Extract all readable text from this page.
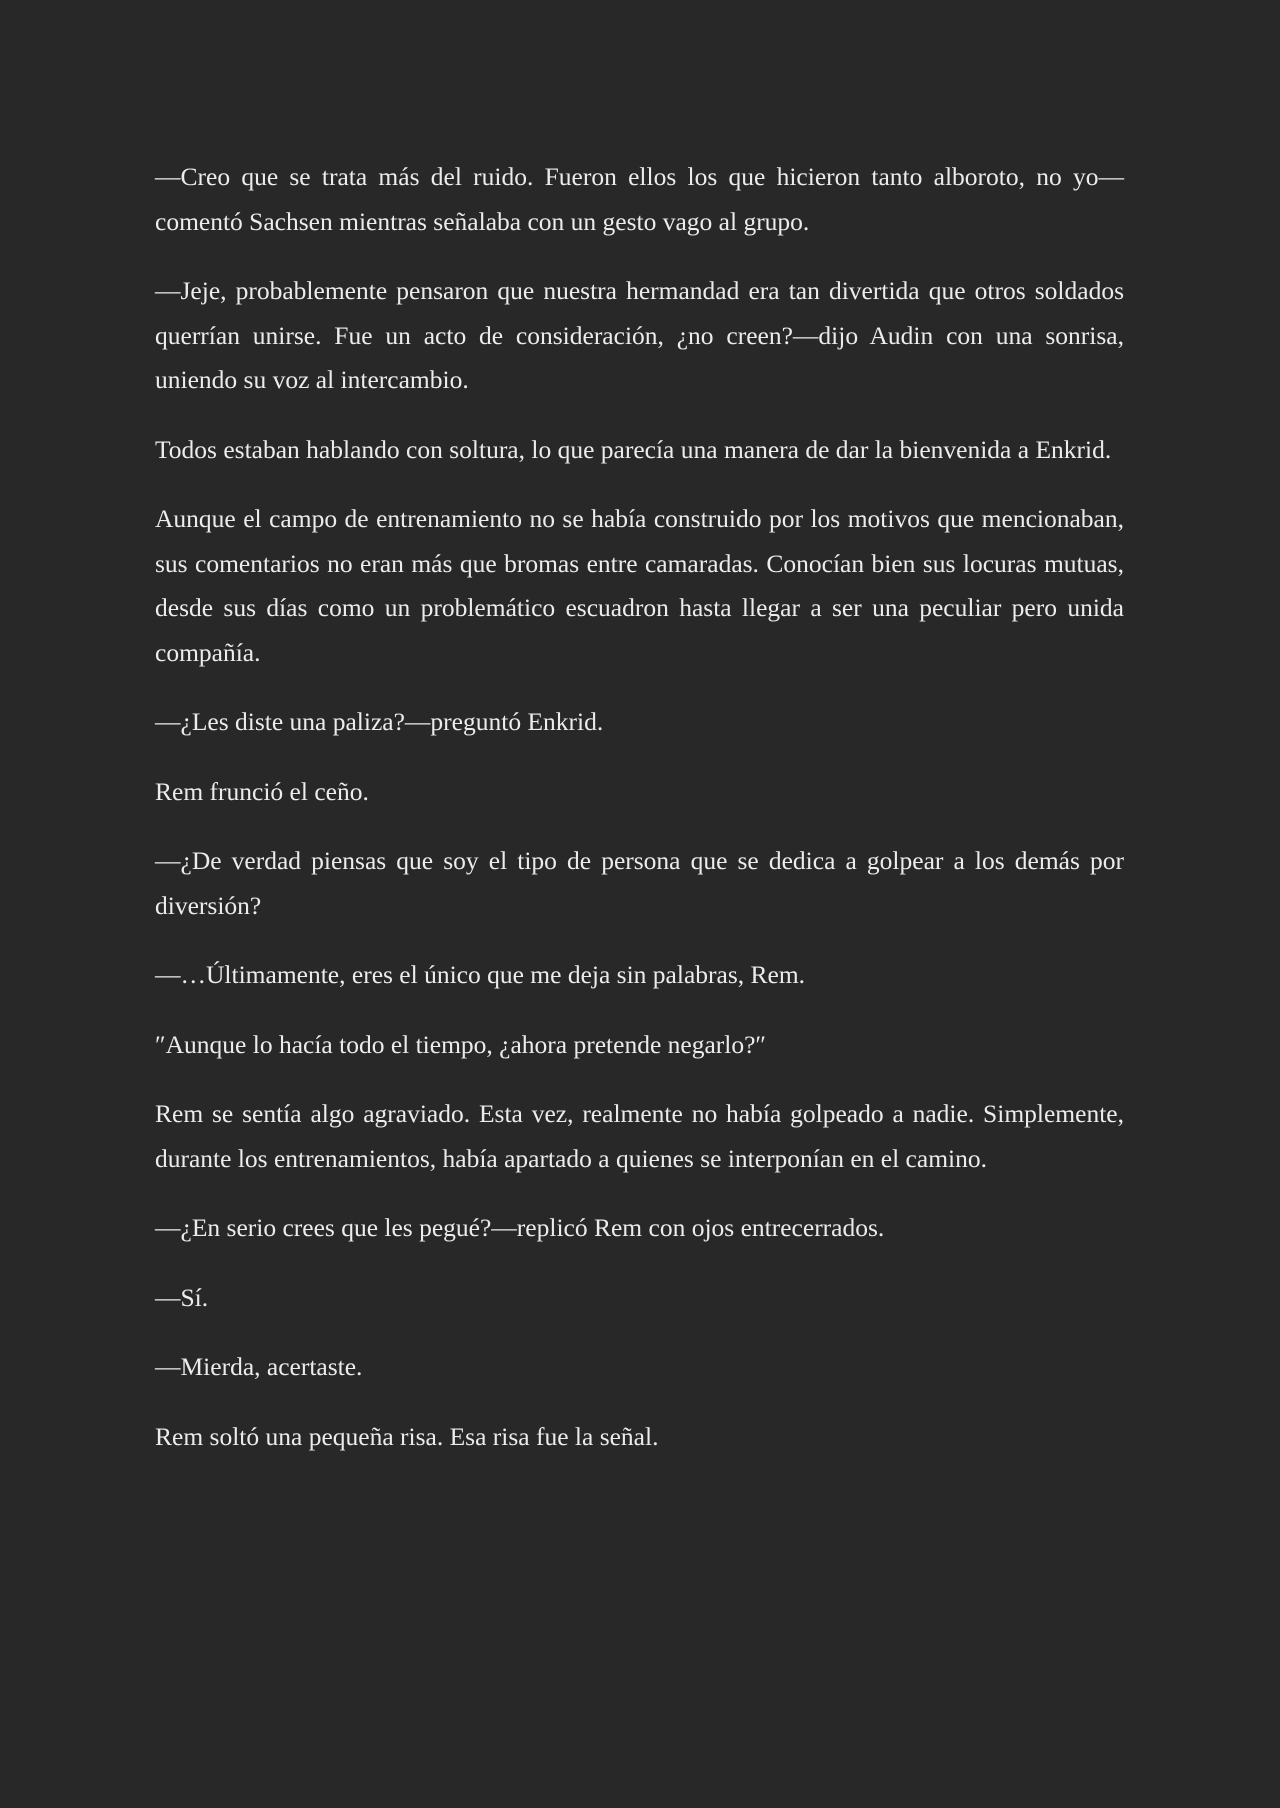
—Creo que se trata más del ruido. Fueron ellos los que hicieron tanto alboroto, no yo—comentó Sachsen mientras señalaba con un gesto vago al grupo.

—Jeje, probablemente pensaron que nuestra hermandad era tan divertida que otros soldados querrían unirse. Fue un acto de consideración, ¿no creen?—dijo Audin con una sonrisa, uniendo su voz al intercambio.

Todos estaban hablando con soltura, lo que parecía una manera de dar la bienvenida a Enkrid.

Aunque el campo de entrenamiento no se había construido por los motivos que mencionaban, sus comentarios no eran más que bromas entre camaradas. Conocían bien sus locuras mutuas, desde sus días como un problemático escuadron hasta llegar a ser una peculiar pero unida compañía.

—¿Les diste una paliza?—preguntó Enkrid.

Rem frunció el ceño.

—¿De verdad piensas que soy el tipo de persona que se dedica a golpear a los demás por diversión?

—…Últimamente, eres el único que me deja sin palabras, Rem.

″Aunque lo hacía todo el tiempo, ¿ahora pretende negarlo?″

Rem se sentía algo agraviado. Esta vez, realmente no había golpeado a nadie. Simplemente, durante los entrenamientos, había apartado a quienes se interponían en el camino.

—¿En serio crees que les pegué?—replicó Rem con ojos entrecerrados.

—Sí.

—Mierda, acertaste.

Rem soltó una pequeña risa. Esa risa fue la señal.
